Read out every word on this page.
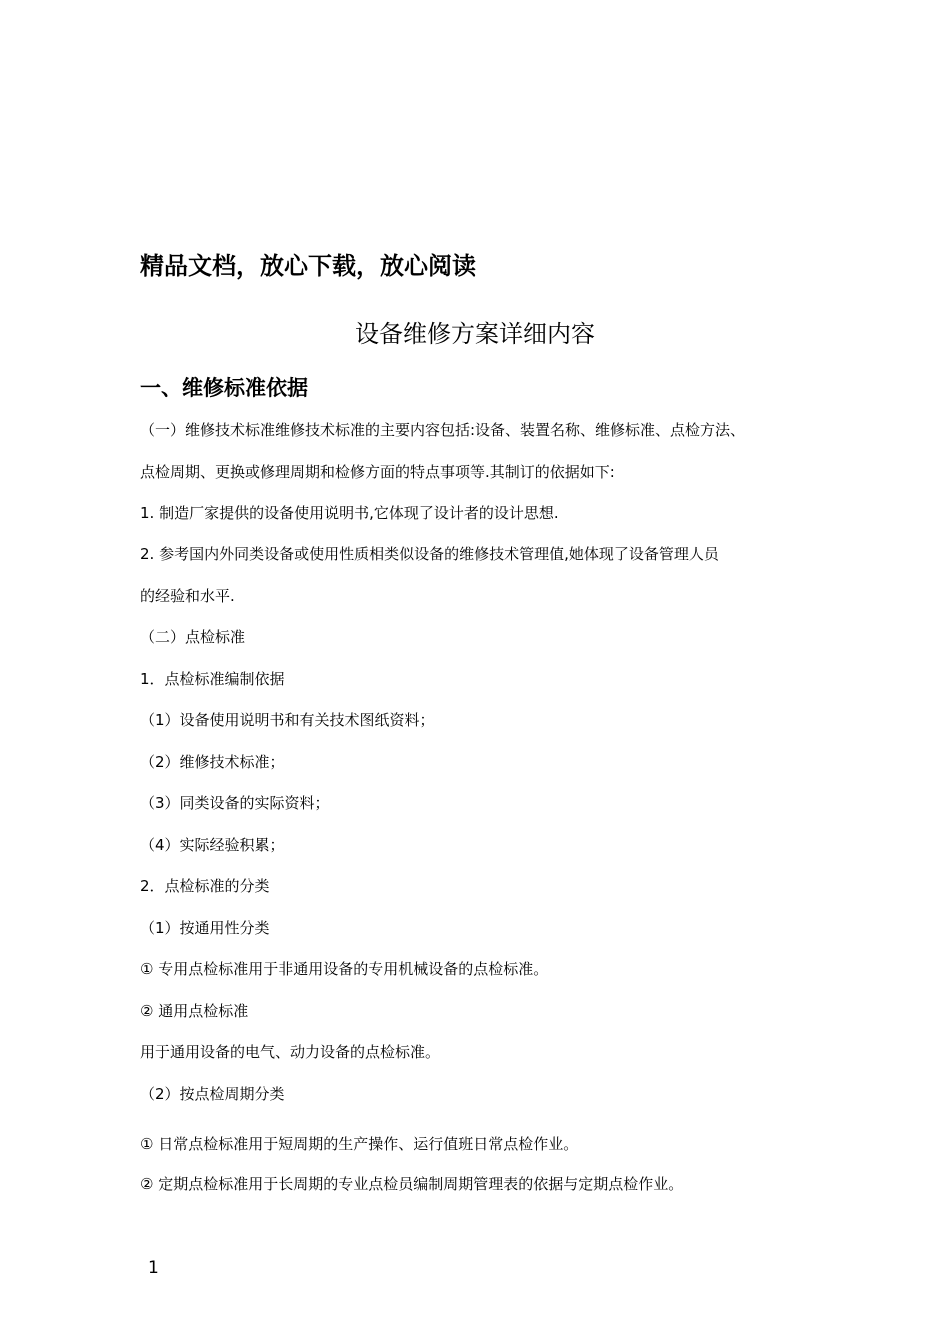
精品文档，放心下载，放心阅读
设备维修方案详细内容
一、维修标准依据
（一）维修技术标准维修技术标准的主要内容包括:设备、装置名称、维修标准、点检方法、
点检周期、更换或修理周期和检修方面的特点事项等.其制订的依据如下:
1. 制造厂家提供的设备使用说明书,它体现了设计者的设计思想.
2. 参考国内外同类设备或使用性质相类似设备的维修技术管理值,她体现了设备管理人员
的经验和水平.
（二）点检标准
1．点检标准编制依据
（1）设备使用说明书和有关技术图纸资料；
（2）维修技术标准；
（3）同类设备的实际资料；
（4）实际经验积累；
2．点检标准的分类
（1）按通用性分类
① 专用点检标准用于非通用设备的专用机械设备的点检标准。
② 通用点检标准
用于通用设备的电气、动力设备的点检标准。
（2）按点检周期分类
① 日常点检标准用于短周期的生产操作、运行值班日常点检作业。
② 定期点检标准用于长周期的专业点检员编制周期管理表的依据与定期点检作业。
1
